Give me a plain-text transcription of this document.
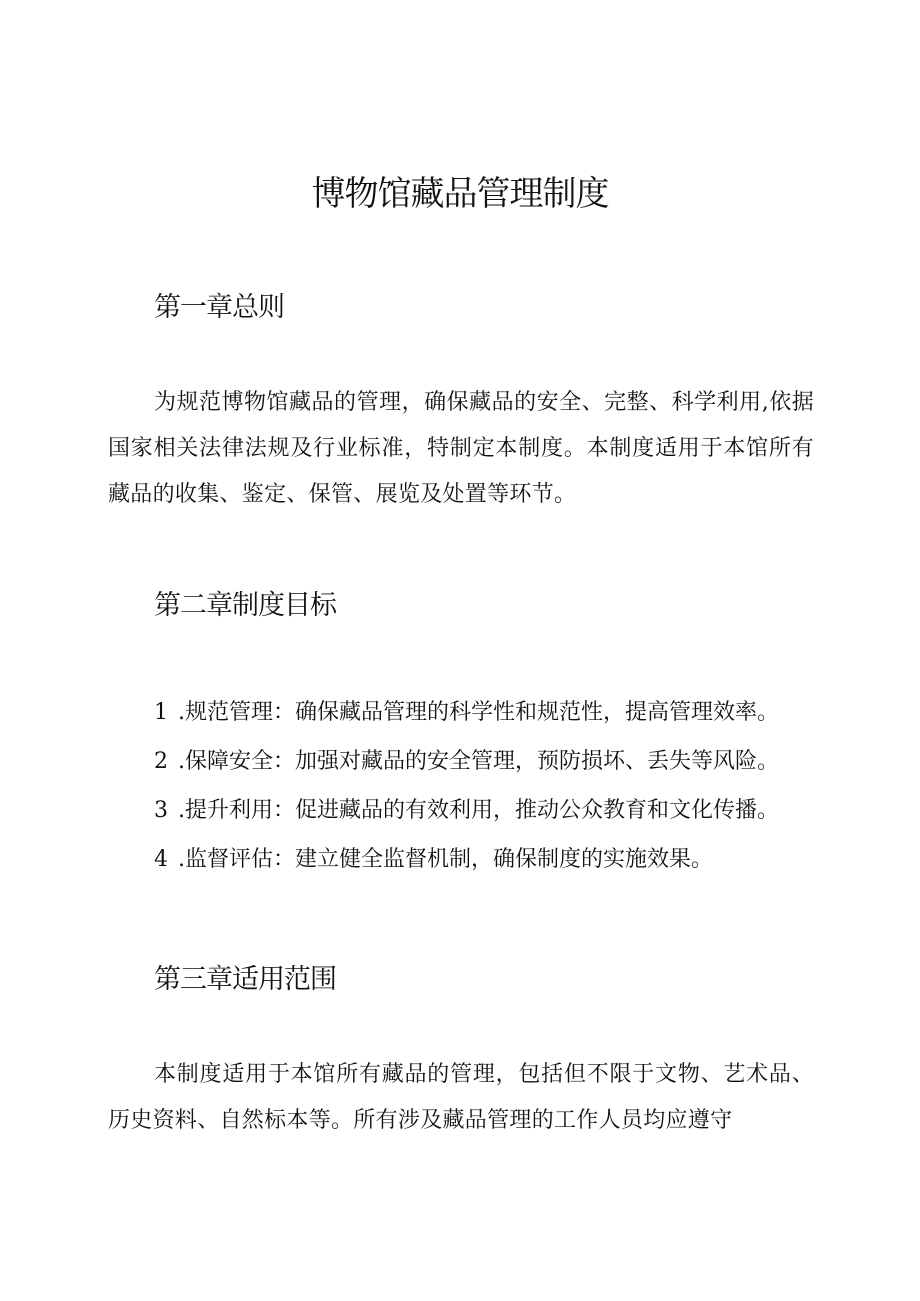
博物馆藏品管理制度
第一章总则

为规范博物馆藏品的管理，确保藏品的安全、完整、科学利用,依据国家相关法律法规及行业标准，特制定本制度。本制度适用于本馆所有藏品的收集、鉴定、保管、展览及处置等环节。

第二章制度目标
1 .规范管理：确保藏品管理的科学性和规范性，提高管理效率。
2 .保障安全：加强对藏品的安全管理，预防损坏、丢失等风险。
3 .提升利用：促进藏品的有效利用，推动公众教育和文化传播。
4 .监督评估：建立健全监督机制，确保制度的实施效果。
第三章适用范围

本制度适用于本馆所有藏品的管理，包括但不限于文物、艺术品、历史资料、自然标本等。所有涉及藏品管理的工作人员均应遵守
